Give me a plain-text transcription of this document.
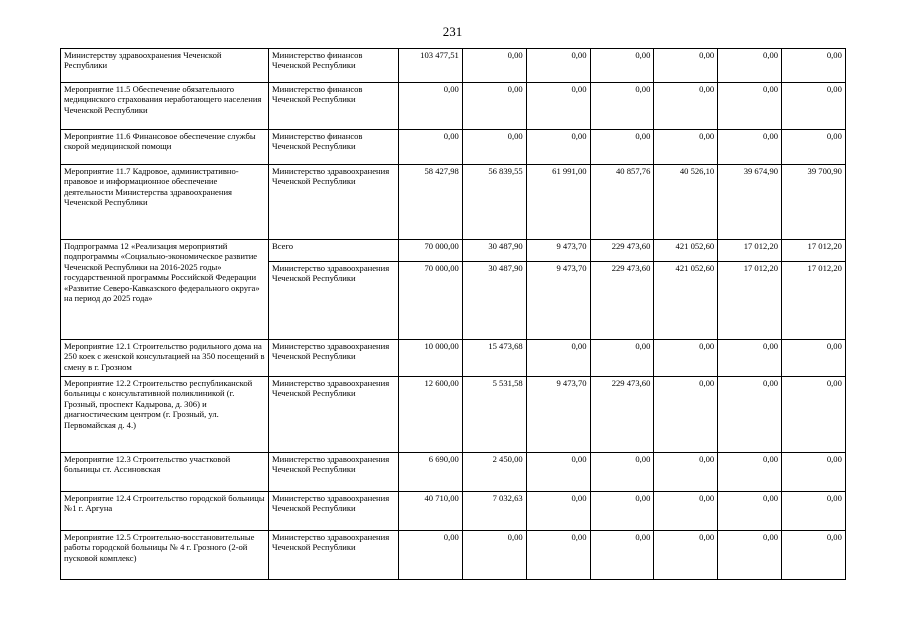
231
Министерству здравоохранения Чеченской Республики	Министерство финансов Чеченской Республики	103 477,51	0,00	0,00	0,00	0,00	0,00	0,00
Мероприятие 11.5 Обеспечение обязательного медицинского страхования неработающего населения Чеченской Республики	Министерство финансов Чеченской Республики	0,00	0,00	0,00	0,00	0,00	0,00	0,00
Мероприятие 11.6 Финансовое обеспечение службы скорой медицинской помощи	Министерство финансов Чеченской Республики	0,00	0,00	0,00	0,00	0,00	0,00	0,00
Мероприятие 11.7 Кадровое, административно-правовое и информационное обеспечение деятельности Министерства здравоохранения Чеченской Республики	Министерство здравоохранения Чеченской Республики	58 427,98	56 839,55	61 991,00	40 857,76	40 526,10	39 674,90	39 700,90
Подпрограмма 12 «Реализация мероприятий подпрограммы «Социально-экономическое развитие Чеченской Республики на 2016-2025 годы» государственной программы Российской Федерации «Развитие Северо-Кавказского федерального округа» на период до 2025 года»	Всего	70 000,00	30 487,90	9 473,70	229 473,60	421 052,60	17 012,20	17 012,20
	Министерство здравоохранения Чеченской Республики	70 000,00	30 487,90	9 473,70	229 473,60	421 052,60	17 012,20	17 012,20
Мероприятие 12.1 Строительство родильного дома на 250 коек с женской консультацией на 350 посещений в смену в г. Грозном	Министерство здравоохранения Чеченской Республики	10 000,00	15 473,68	0,00	0,00	0,00	0,00	0,00
Мероприятие 12.2 Строительство республиканской больницы с консультативной поликлиникой (г. Грозный, проспект Кадырова, д. 306) и диагностическим центром (г. Грозный, ул. Первомайская д. 4.)	Министерство здравоохранения Чеченской Республики	12 600,00	5 531,58	9 473,70	229 473,60	0,00	0,00	0,00
Мероприятие 12.3 Строительство участковой больницы ст. Ассиновская	Министерство здравоохранения Чеченской Республики	6 690,00	2 450,00	0,00	0,00	0,00	0,00	0,00
Мероприятие 12.4 Строительство городской больницы №1 г. Аргуна	Министерство здравоохранения Чеченской Республики	40 710,00	7 032,63	0,00	0,00	0,00	0,00	0,00
Мероприятие 12.5 Строительно-восстановительные работы городской больницы № 4 г. Грозного (2-ой пусковой комплекс)	Министерство здравоохранения Чеченской Республики	0,00	0,00	0,00	0,00	0,00	0,00	0,00
